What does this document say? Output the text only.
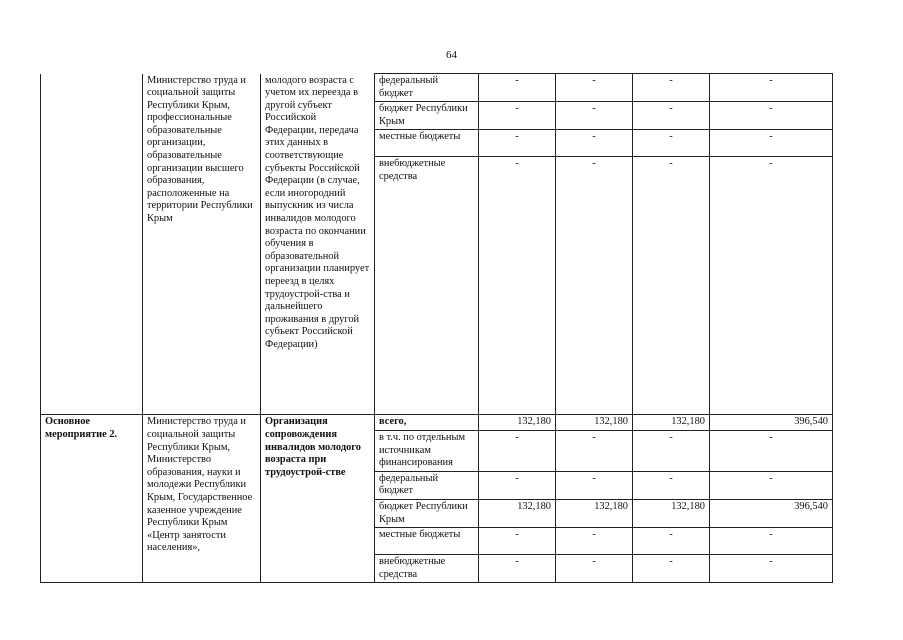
64
	Министерство труда и социальной защиты Республики Крым, профессиональные образовательные организации, образовательные организации высшего образования, расположенные на территории Республики Крым	молодого возраста с учетом их переезда в другой субъект Российской Федерации, передача этих данных в соответствующие субъекты Российской Федерации (в случае, если иногородний выпускник из числа инвалидов молодого возраста по окончании обучения в образовательной организации планирует переезд в целях трудоустрой-ства и дальнейшего проживания в другой субъект Российской Федерации)	федеральный бюджет	-	-	-	-
			бюджет Республики Крым	-	-	-	-
			местные бюджеты	-	-	-	-
			внебюджетные средства	-	-	-	-
Основное мероприятие 2.	Министерство труда и социальной защиты Республики Крым, Министерство образования, науки и молодежи Республики Крым, Государственное казенное учреждение Республики Крым «Центр занятости населения»,	Организация сопровождения инвалидов молодого возраста при трудоустрой-стве	всего,	132,180	132,180	132,180	396,540
			в т.ч. по отдельным источникам финансирования	-	-	-	-
			федеральный бюджет	-	-	-	-
			бюджет Республики Крым	132,180	132,180	132,180	396,540
			местные бюджеты	-	-	-	-
			внебюджетные средства	-	-	-	-
